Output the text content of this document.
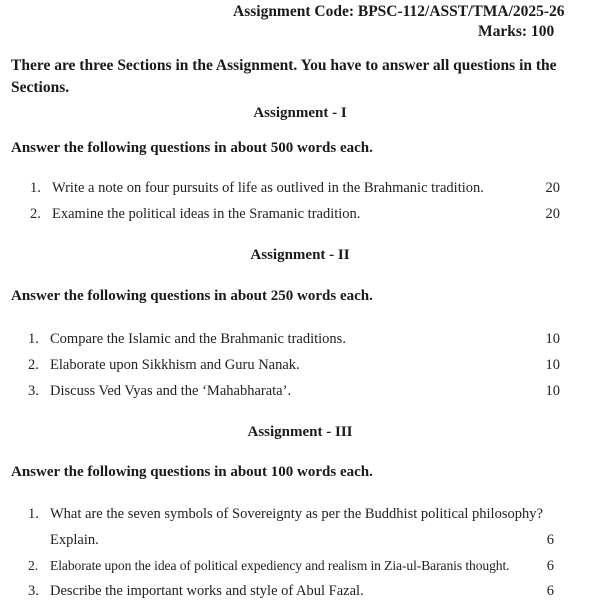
Assignment Code: BPSC-112/ASST/TMA/2025-26
Marks: 100
There are three Sections in the Assignment. You have to answer all questions in the Sections.
Assignment - I
Answer the following questions in about 500 words each.
1. Write a note on four pursuits of life as outlived in the Brahmanic tradition.	20
2. Examine the political ideas in the Sramanic tradition.	20
Assignment - II
Answer the following questions in about 250 words each.
1. Compare the Islamic and the Brahmanic traditions.	10
2. Elaborate upon Sikkhism and Guru Nanak.	10
3. Discuss Ved Vyas and the ‘Mahabharata’.	10
Assignment - III
Answer the following questions in about 100 words each.
1. What are the seven symbols of Sovereignty as per the Buddhist political philosophy?
Explain.	6
2. Elaborate upon the idea of political expediency and realism in Zia-ul-Baranis thought.	6
3. Describe the important works and style of Abul Fazal.	6
